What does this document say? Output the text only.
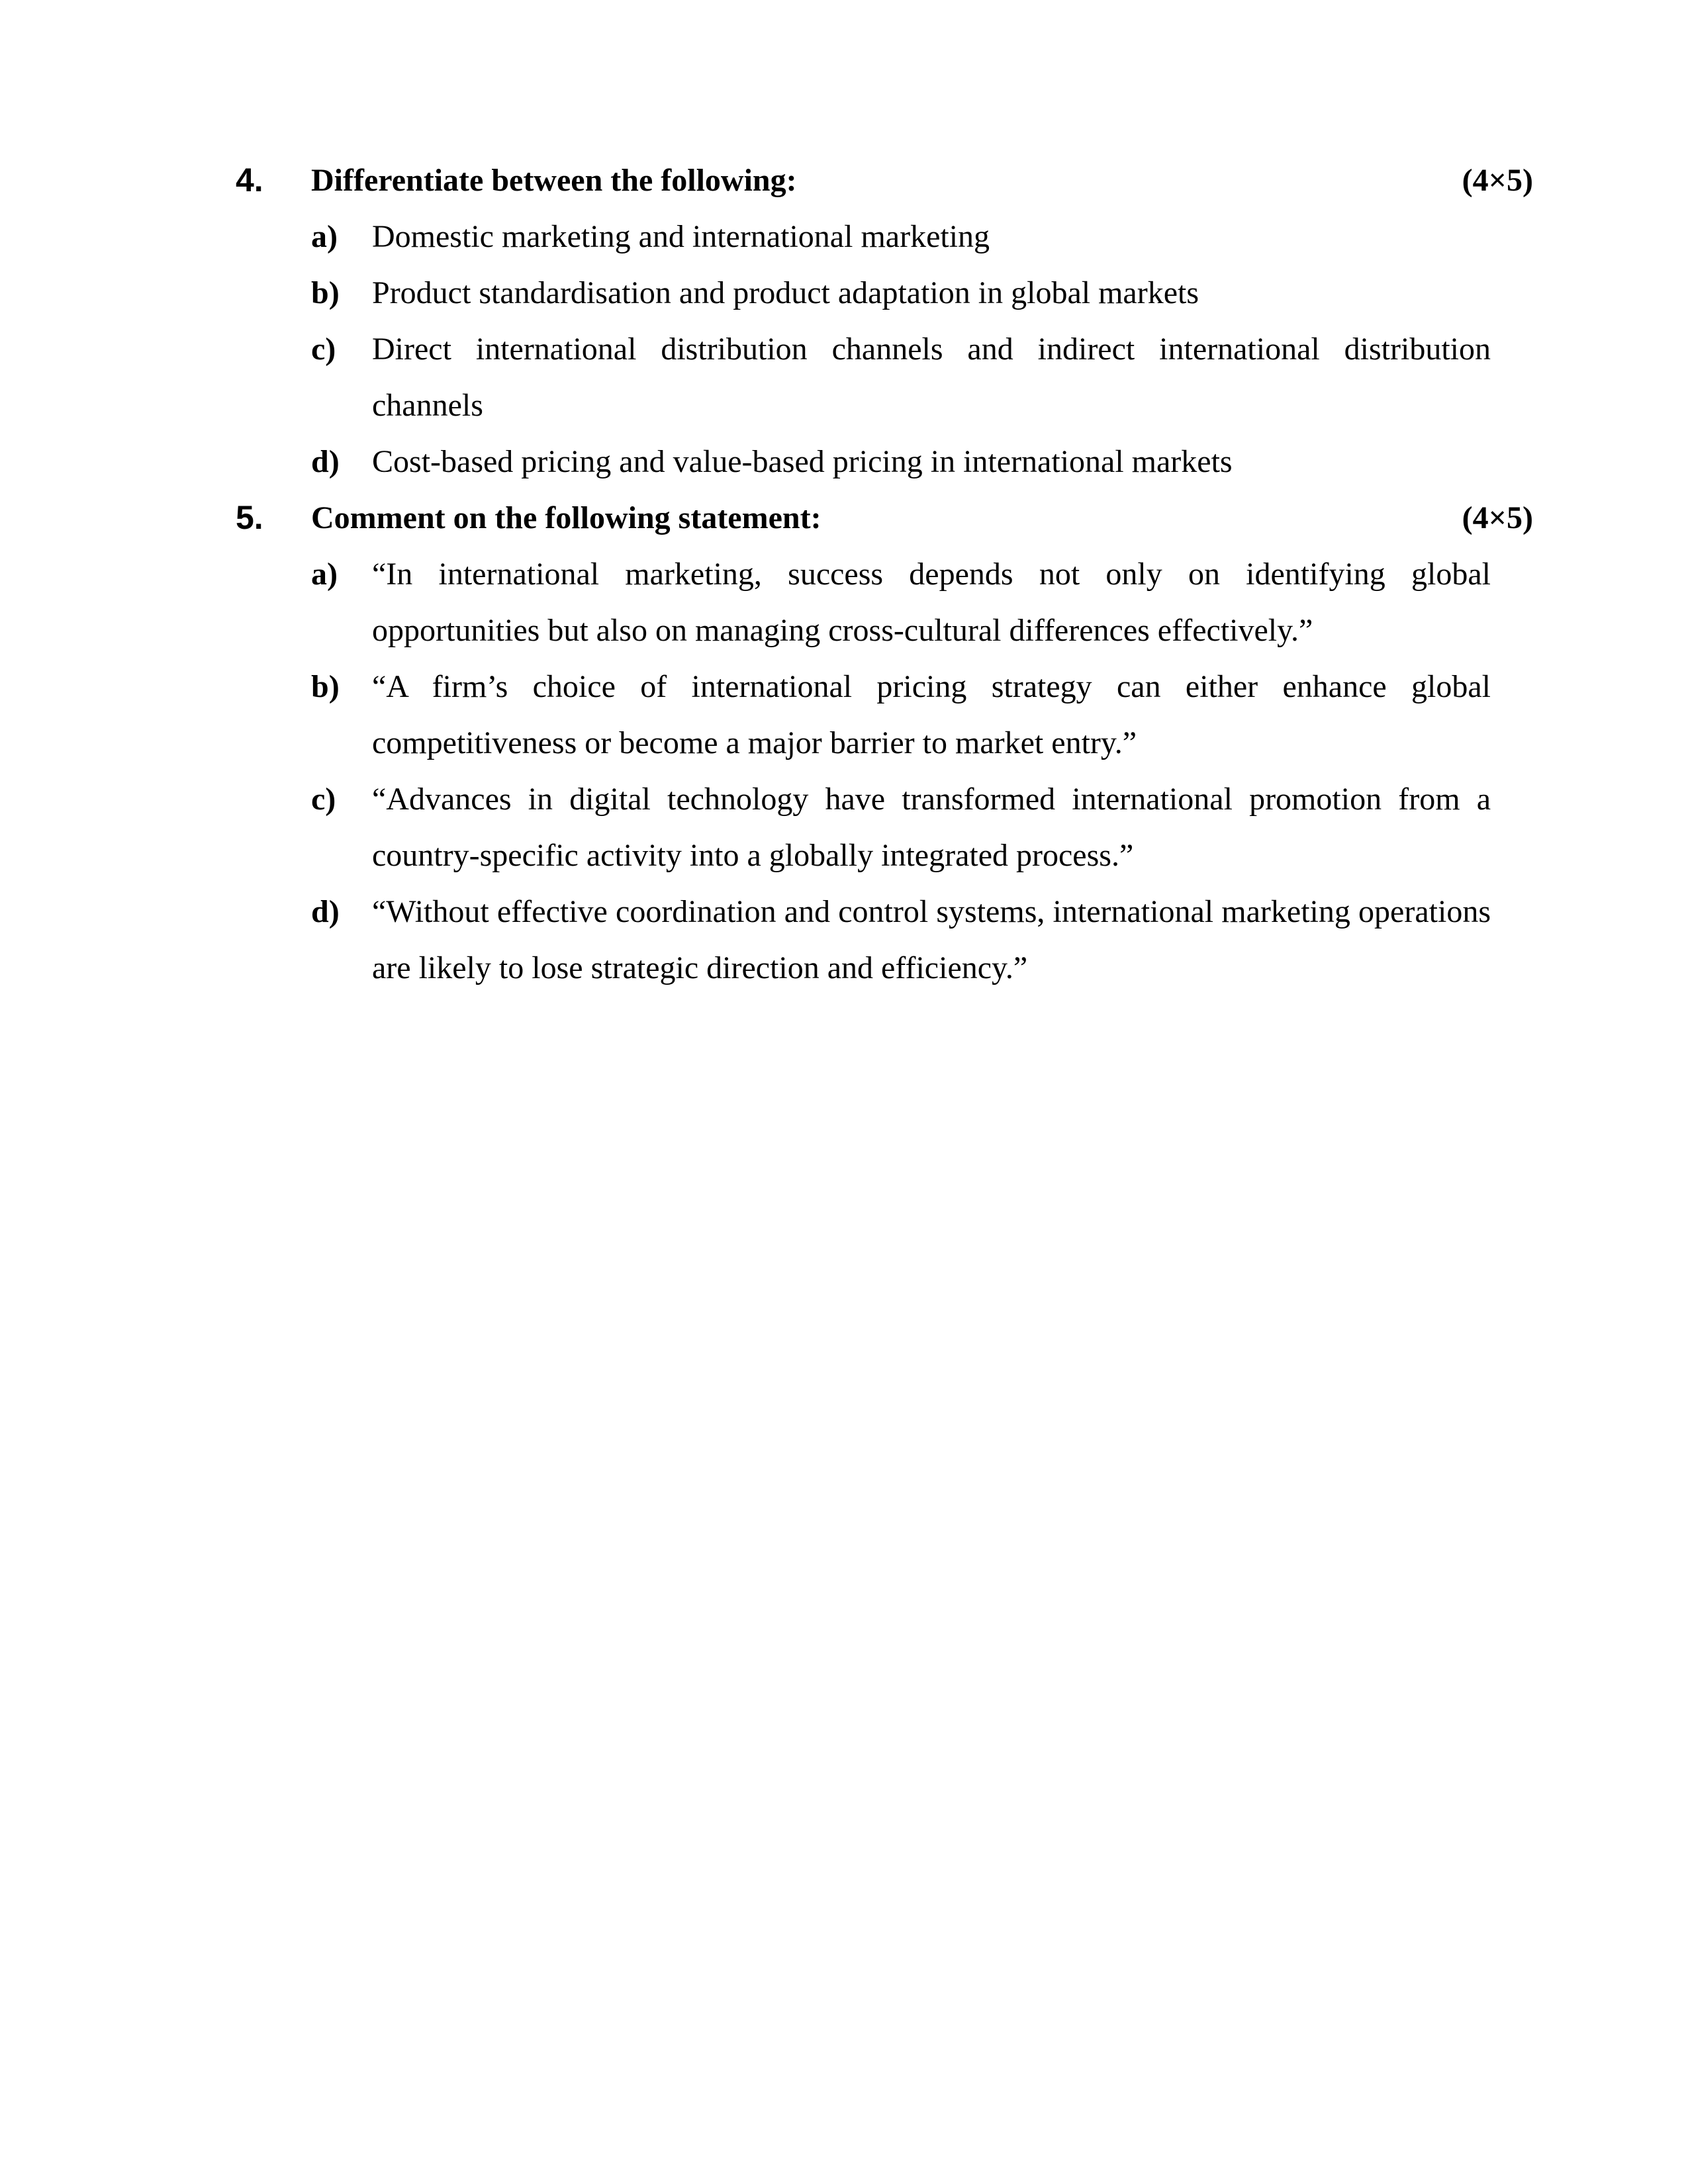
4. Differentiate between the following:	(4×5)
a) Domestic marketing and international marketing
b) Product standardisation and product adaptation in global markets
c) Direct international distribution channels and indirect international distribution channels
d) Cost-based pricing and value-based pricing in international markets
5. Comment on the following statement:	(4×5)
a) “In international marketing, success depends not only on identifying global opportunities but also on managing cross-cultural differences effectively.”
b) “A firm’s choice of international pricing strategy can either enhance global competitiveness or become a major barrier to market entry.”
c) “Advances in digital technology have transformed international promotion from a country-specific activity into a globally integrated process.”
d) “Without effective coordination and control systems, international marketing operations are likely to lose strategic direction and efficiency.”
